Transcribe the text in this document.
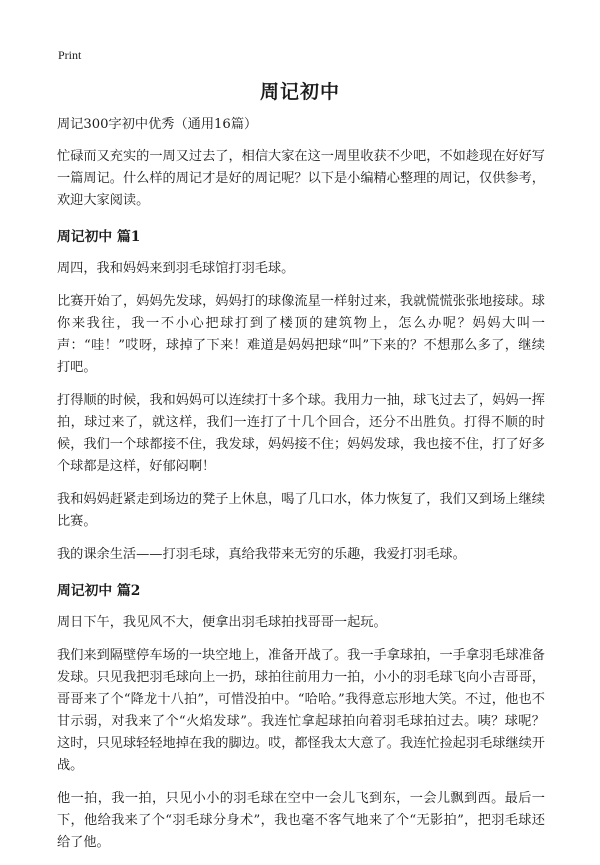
Print
周记初中
周记300字初中优秀（通用16篇）

忙碌而又充实的一周又过去了，相信大家在这一周里收获不少吧，不如趁现在好好写一篇周记。什么样的周记才是好的周记呢？以下是小编精心整理的周记，仅供参考，欢迎大家阅读。

周记初中 篇1

周四，我和妈妈来到羽毛球馆打羽毛球。

比赛开始了，妈妈先发球，妈妈打的球像流星一样射过来，我就慌慌张张地接球。球你来我往，我一不小心把球打到了楼顶的建筑物上，怎么办呢？妈妈大叫一声：“哇！”哎呀，球掉了下来！难道是妈妈把球“叫”下来的？不想那么多了，继续打吧。

打得顺的时候，我和妈妈可以连续打十多个球。我用力一抽，球飞过去了，妈妈一挥拍，球过来了，就这样，我们一连打了十几个回合，还分不出胜负。打得不顺的时候，我们一个球都接不住，我发球，妈妈接不住；妈妈发球，我也接不住，打了好多个球都是这样，好郁闷啊！

我和妈妈赶紧走到场边的凳子上休息，喝了几口水，体力恢复了，我们又到场上继续比赛。

我的课余生活——打羽毛球，真给我带来无穷的乐趣，我爱打羽毛球。

周记初中 篇2

周日下午，我见风不大，便拿出羽毛球拍找哥哥一起玩。

我们来到隔壁停车场的一块空地上，准备开战了。我一手拿球拍，一手拿羽毛球准备发球。只见我把羽毛球向上一扔，球拍往前用力一拍，小小的羽毛球飞向小吉哥哥，哥哥来了个“降龙十八拍”，可惜没拍中。“哈哈。”我得意忘形地大笑。不过，他也不甘示弱，对我来了个“火焰发球”。我连忙拿起球拍向着羽毛球拍过去。咦？球呢？这时，只见球轻轻地掉在我的脚边。哎，都怪我太大意了。我连忙捡起羽毛球继续开战。

他一拍，我一拍，只见小小的羽毛球在空中一会儿飞到东，一会儿飘到西。最后一下，他给我来了个“羽毛球分身术”，我也毫不客气地来了个“无影拍”，把羽毛球还给了他。
